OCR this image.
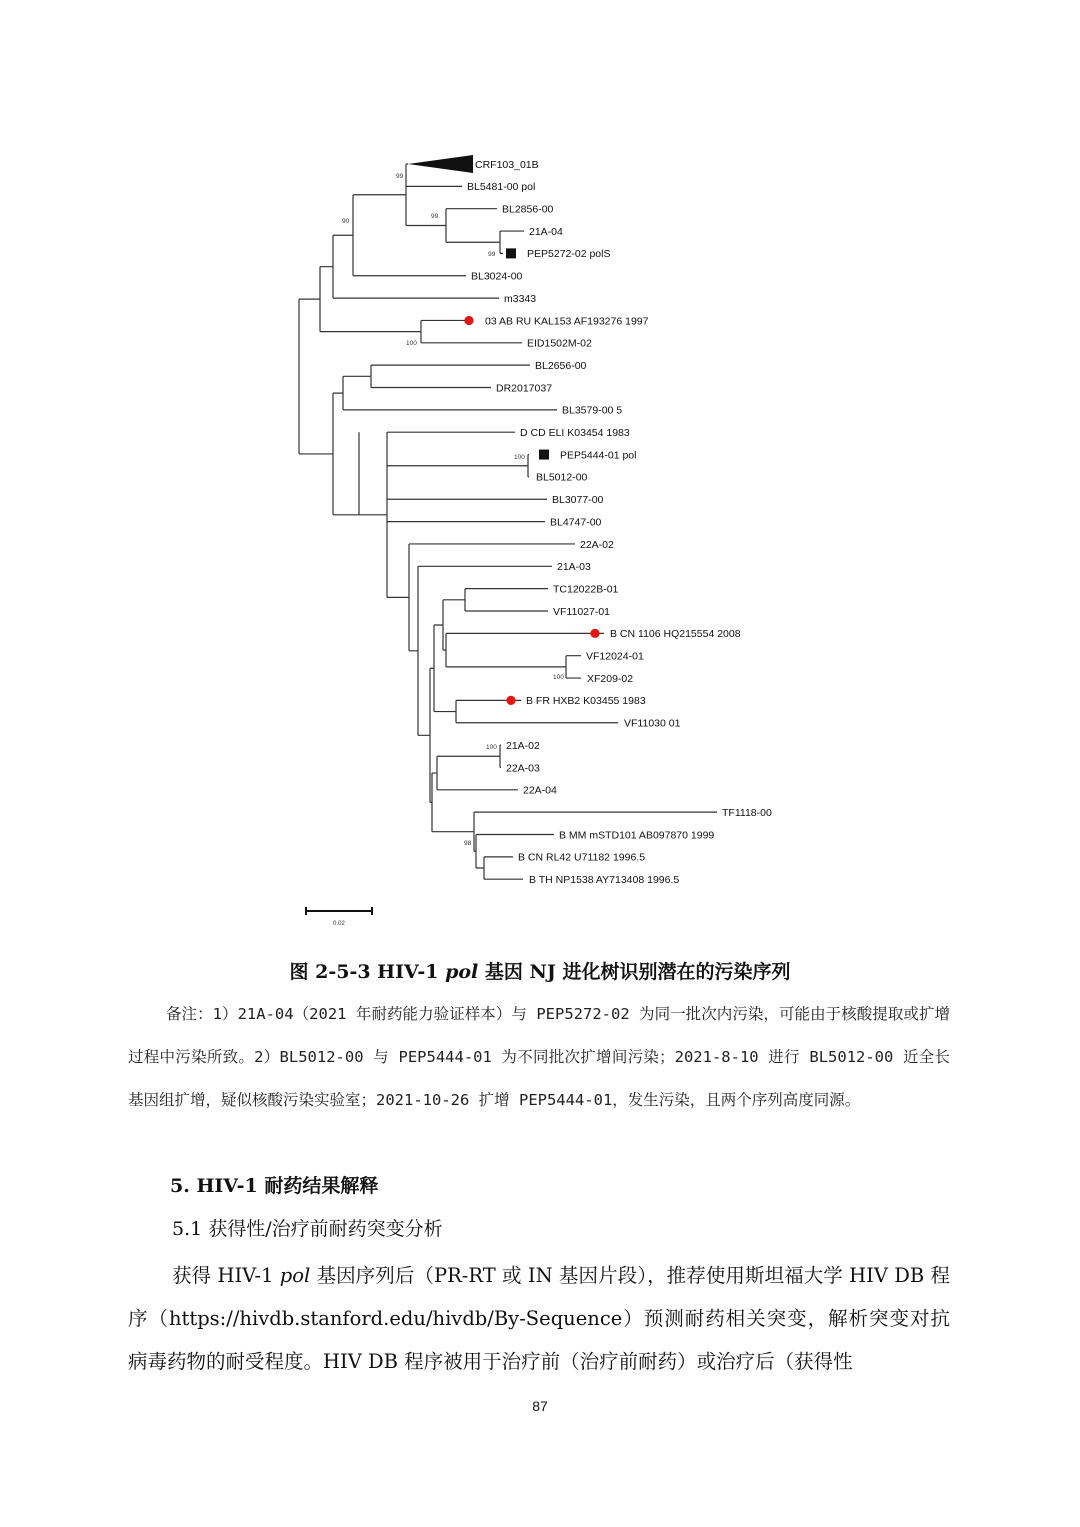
CRF103_01B
BL5481-00 pol
BL2856-00
21A-04
PEP5272-02 polS
BL3024-00
m3343
03 AB RU KAL153 AF193276 1997
EID1502M-02
BL2656-00
DR2017037
BL3579-00 5
D CD ELI K03454 1983
PEP5444-01 pol
BL5012-00
BL3077-00
BL4747-00
22A-02
21A-03
TC12022B-01
VF11027-01
B CN 1106 HQ215554 2008
VF12024-01
XF209-02
B FR HXB2 K03455 1983
VF11030 01
21A-02
22A-03
22A-04
TF1118-00
B MM mSTD101 AB097870 1999
B CN RL42 U71182 1996.5
B TH NP1538 AY713408 1996.5
99
99
90
99
100
100
100
100
98
0.02
图 2-5-3 HIV-1 pol 基因 NJ 进化树识别潜在的污染序列
备注：1）21A-04（2021 年耐药能力验证样本）与 PEP5272-02 为同一批次内污染，可能由于核酸提取或扩增过程中污染所致。2）BL5012-00 与 PEP5444-01 为不同批次扩增间污染；2021-8-10 进行 BL5012-00 近全长基因组扩增，疑似核酸污染实验室；2021-10-26 扩增 PEP5444-01，发生污染，且两个序列高度同源。
5. HIV-1 耐药结果解释
5.1 获得性/治疗前耐药突变分析
获得 HIV-1 pol 基因序列后（PR-RT 或 IN 基因片段），推荐使用斯坦福大学 HIV DB 程序（https://hivdb.stanford.edu/hivdb/By-Sequence）预测耐药相关突变，解析突变对抗病毒药物的耐受程度。HIV DB 程序被用于治疗前（治疗前耐药）或治疗后（获得性
87
